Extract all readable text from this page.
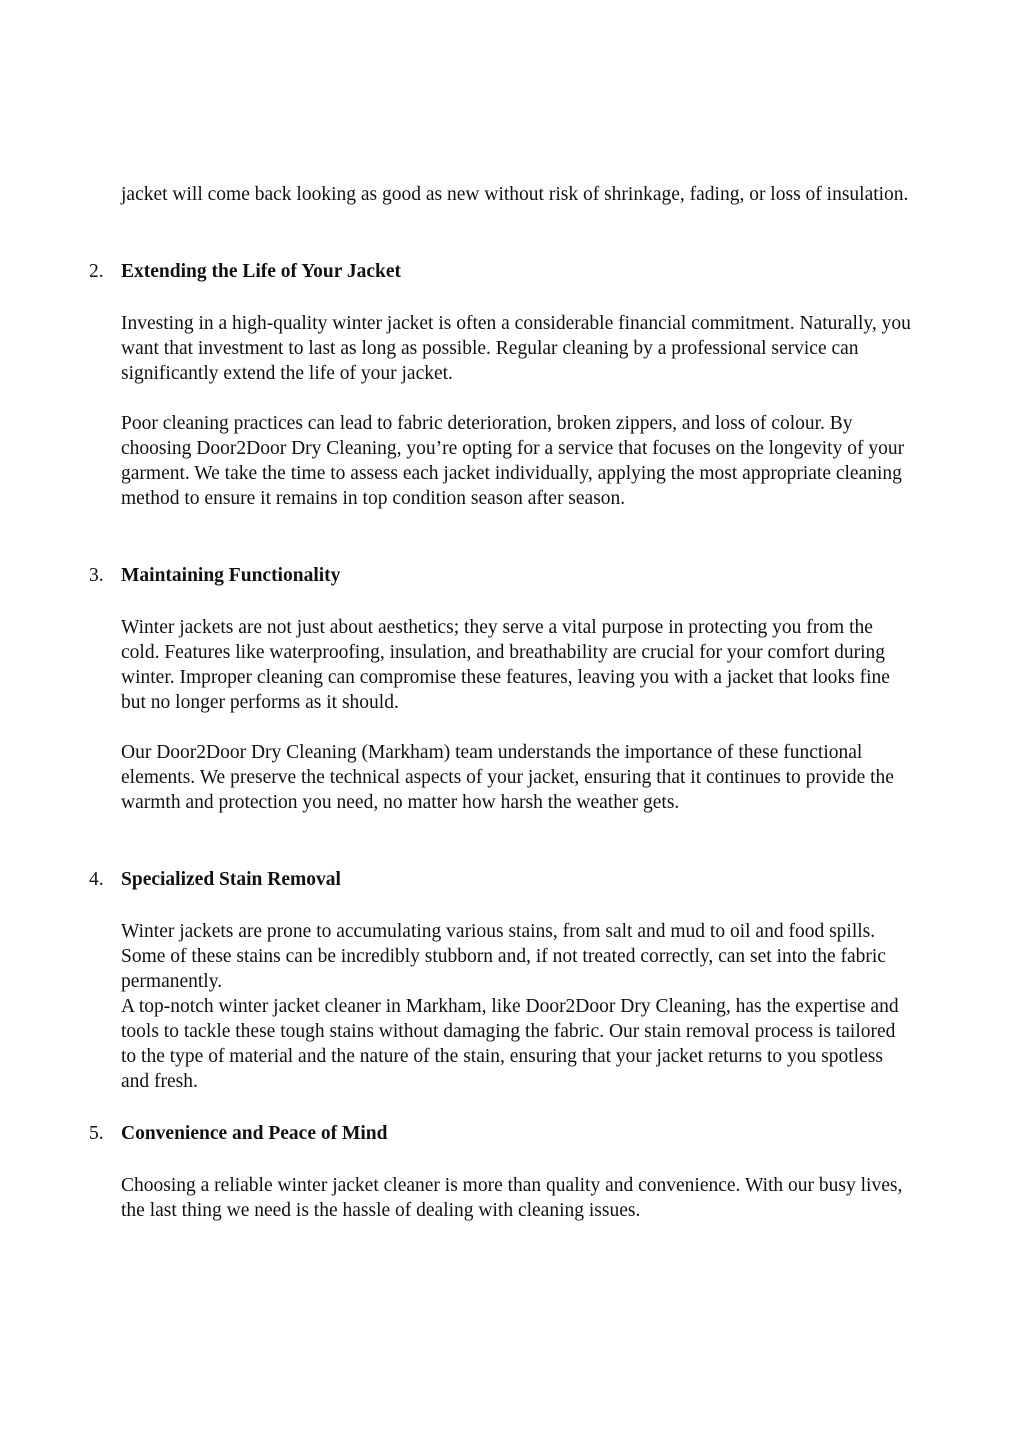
jacket will come back looking as good as new without risk of shrinkage, fading, or loss of insulation.

2. Extending the Life of Your Jacket

Investing in a high-quality winter jacket is often a considerable financial commitment. Naturally, you want that investment to last as long as possible. Regular cleaning by a professional service can significantly extend the life of your jacket.

Poor cleaning practices can lead to fabric deterioration, broken zippers, and loss of colour. By choosing Door2Door Dry Cleaning, you’re opting for a service that focuses on the longevity of your garment. We take the time to assess each jacket individually, applying the most appropriate cleaning method to ensure it remains in top condition season after season.

3. Maintaining Functionality

Winter jackets are not just about aesthetics; they serve a vital purpose in protecting you from the cold. Features like waterproofing, insulation, and breathability are crucial for your comfort during winter. Improper cleaning can compromise these features, leaving you with a jacket that looks fine but no longer performs as it should.

Our Door2Door Dry Cleaning (Markham) team understands the importance of these functional elements. We preserve the technical aspects of your jacket, ensuring that it continues to provide the warmth and protection you need, no matter how harsh the weather gets.

4. Specialized Stain Removal

Winter jackets are prone to accumulating various stains, from salt and mud to oil and food spills. Some of these stains can be incredibly stubborn and, if not treated correctly, can set into the fabric permanently.

A top-notch winter jacket cleaner in Markham, like Door2Door Dry Cleaning, has the expertise and tools to tackle these tough stains without damaging the fabric. Our stain removal process is tailored to the type of material and the nature of the stain, ensuring that your jacket returns to you spotless and fresh.

5. Convenience and Peace of Mind

Choosing a reliable winter jacket cleaner is more than quality and convenience. With our busy lives, the last thing we need is the hassle of dealing with cleaning issues.
